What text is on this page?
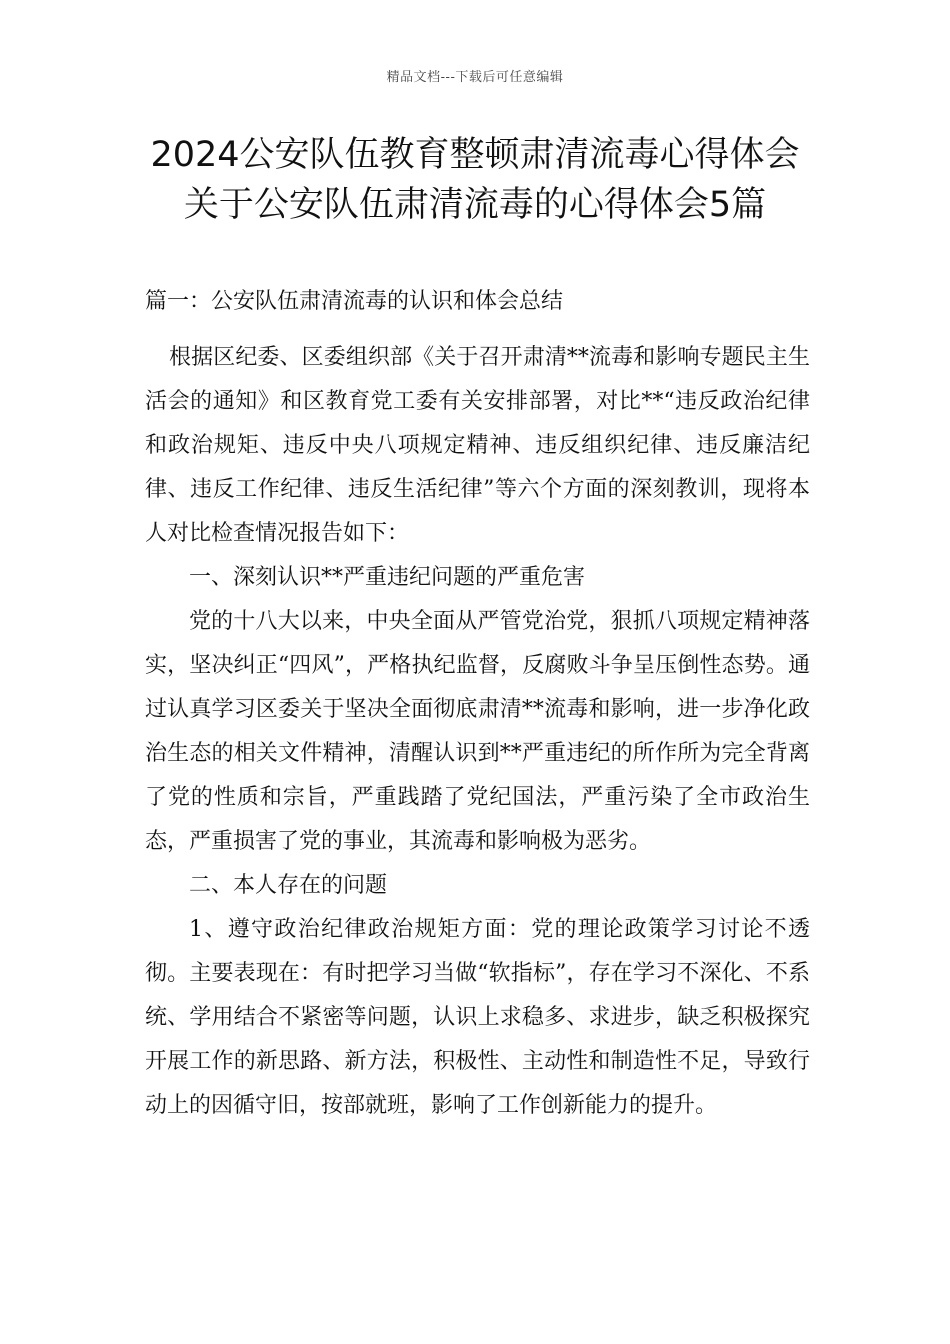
精品文档---下载后可任意编辑
2024公安队伍教育整顿肃清流毒心得体会 关于公安队伍肃清流毒的心得体会5篇

篇一：公安队伍肃清流毒的认识和体会总结

根据区纪委、区委组织部《关于召开肃清**流毒和影响专题民主生活会的通知》和区教育党工委有关安排部署，对比**“违反政治纪律和政治规矩、违反中央八项规定精神、违反组织纪律、违反廉洁纪律、违反工作纪律、违反生活纪律”等六个方面的深刻教训，现将本人对比检查情况报告如下：

一、深刻认识**严重违纪问题的严重危害

党的十八大以来，中央全面从严管党治党，狠抓八项规定精神落实，坚决纠正“四风”，严格执纪监督，反腐败斗争呈压倒性态势。通过认真学习区委关于坚决全面彻底肃清**流毒和影响，进一步净化政治生态的相关文件精神，清醒认识到**严重违纪的所作所为完全背离了党的性质和宗旨，严重践踏了党纪国法，严重污染了全市政治生态，严重损害了党的事业，其流毒和影响极为恶劣。

二、本人存在的问题

1、遵守政治纪律政治规矩方面：党的理论政策学习讨论不透彻。主要表现在：有时把学习当做“软指标”，存在学习不深化、不系统、学用结合不紧密等问题，认识上求稳多、求进步，缺乏积极探究开展工作的新思路、新方法，积极性、主动性和制造性不足，导致行动上的因循守旧，按部就班，影响了工作创新能力的提升。
